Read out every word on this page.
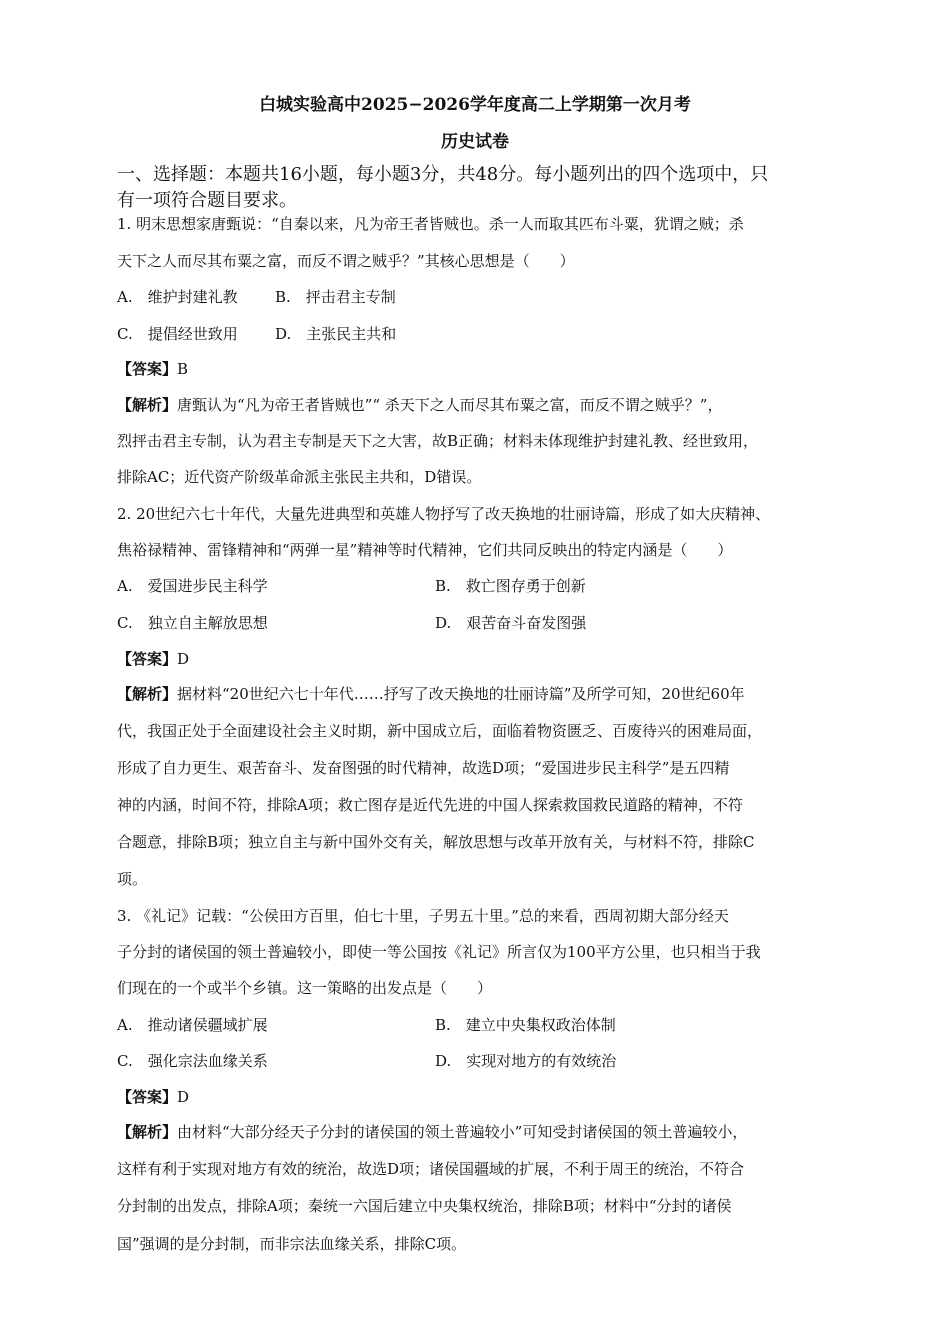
白城实验高中2025−2026学年度高二上学期第一次月考
历史试卷
一、选择题：本题共16小题，每小题3分，共48分。每小题列出的四个选项中，只
有一项符合题目要求。
1. 明末思想家唐甄说：“自秦以来，凡为帝王者皆贼也。杀一人而取其匹布斗粟，犹谓之贼；杀
天下之人而尽其布粟之富，而反不谓之贼乎？”其核心思想是（　　）
A.　维护封建礼教 B.　抨击君主专制
C.　提倡经世致用 D.　主张民主共和
【答案】B
【解析】唐甄认为“凡为帝王者皆贼也”“ 杀天下之人而尽其布粟之富，而反不谓之贼乎？”，
烈抨击君主专制，认为君主专制是天下之大害，故B正确；材料未体现维护封建礼教、经世致用，
排除AC；近代资产阶级革命派主张民主共和，D错误。
2. 20世纪六七十年代，大量先进典型和英雄人物抒写了改天换地的壮丽诗篇，形成了如大庆精神、
焦裕禄精神、雷锋精神和“两弹一星”精神等时代精神，它们共同反映出的特定内涵是（　　）
A.　爱国进步民主科学	B.　救亡图存勇于创新
C.　独立自主解放思想	D.　艰苦奋斗奋发图强
【答案】D
【解析】据材料“20世纪六七十年代……抒写了改天换地的壮丽诗篇”及所学可知，20世纪60年
代，我国正处于全面建设社会主义时期，新中国成立后，面临着物资匮乏、百废待兴的困难局面，
形成了自力更生、艰苦奋斗、发奋图强的时代精神，故选D项；“爱国进步民主科学”是五四精
神的内涵，时间不符，排除A项；救亡图存是近代先进的中国人探索救国救民道路的精神，不符
合题意，排除B项；独立自主与新中国外交有关，解放思想与改革开放有关，与材料不符，排除C
项。
3. 《礼记》记载：“公侯田方百里，伯七十里，子男五十里。”总的来看，西周初期大部分经天
子分封的诸侯国的领土普遍较小，即使一等公国按《礼记》所言仅为100平方公里，也只相当于我
们现在的一个或半个乡镇。这一策略的出发点是（　　）
A.　推动诸侯疆域扩展	B.　建立中央集权政治体制
C.　强化宗法血缘关系	D.　实现对地方的有效统治
【答案】D
【解析】由材料“大部分经天子分封的诸侯国的领土普遍较小”可知受封诸侯国的领土普遍较小，
这样有利于实现对地方有效的统治，故选D项；诸侯国疆域的扩展，不利于周王的统治，不符合
分封制的出发点，排除A项；秦统一六国后建立中央集权统治，排除B项；材料中“分封的诸侯
国”强调的是分封制，而非宗法血缘关系，排除C项。
